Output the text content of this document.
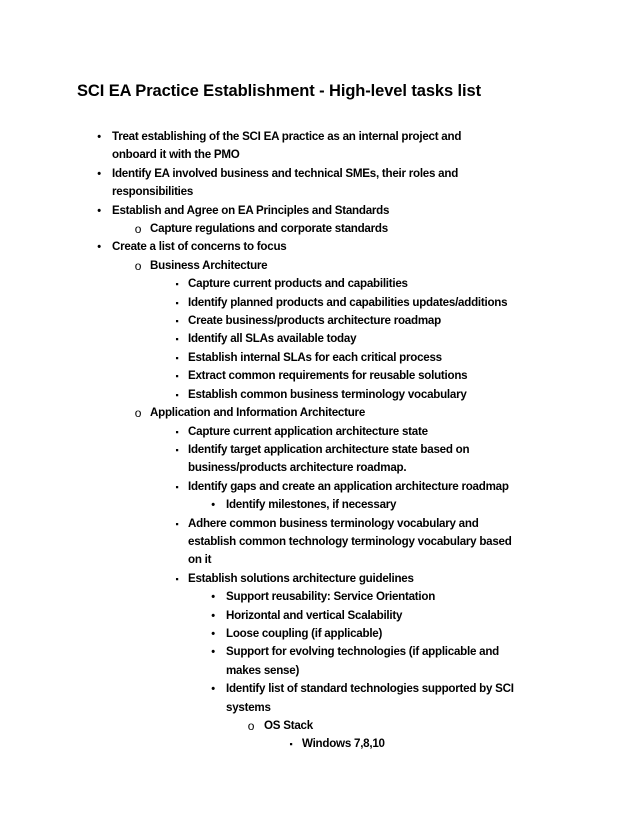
SCI EA Practice Establishment - High-level tasks list
• Treat establishing of the SCI EA practice as an internal project and
onboard it with the PMO
• Identify EA involved business and technical SMEs, their roles and
responsibilities
• Establish and Agree on EA Principles and Standards
o Capture regulations and corporate standards
• Create a list of concerns to focus
o Business Architecture
▪ Capture current products and capabilities
▪ Identify planned products and capabilities updates/additions
▪ Create business/products architecture roadmap
▪ Identify all SLAs available today
▪ Establish internal SLAs for each critical process
▪ Extract common requirements for reusable solutions
▪ Establish common business terminology vocabulary
o Application and Information Architecture
▪ Capture current application architecture state
▪ Identify target application architecture state based on
business/products architecture roadmap.
▪ Identify gaps and create an application architecture roadmap
• Identify milestones, if necessary
▪ Adhere common business terminology vocabulary and
establish common technology terminology vocabulary based
on it
▪ Establish solutions architecture guidelines
• Support reusability: Service Orientation
• Horizontal and vertical Scalability
• Loose coupling (if applicable)
• Support for evolving technologies (if applicable and
makes sense)
• Identify list of standard technologies supported by SCI
systems
o OS Stack
▪ Windows 7,8,10
